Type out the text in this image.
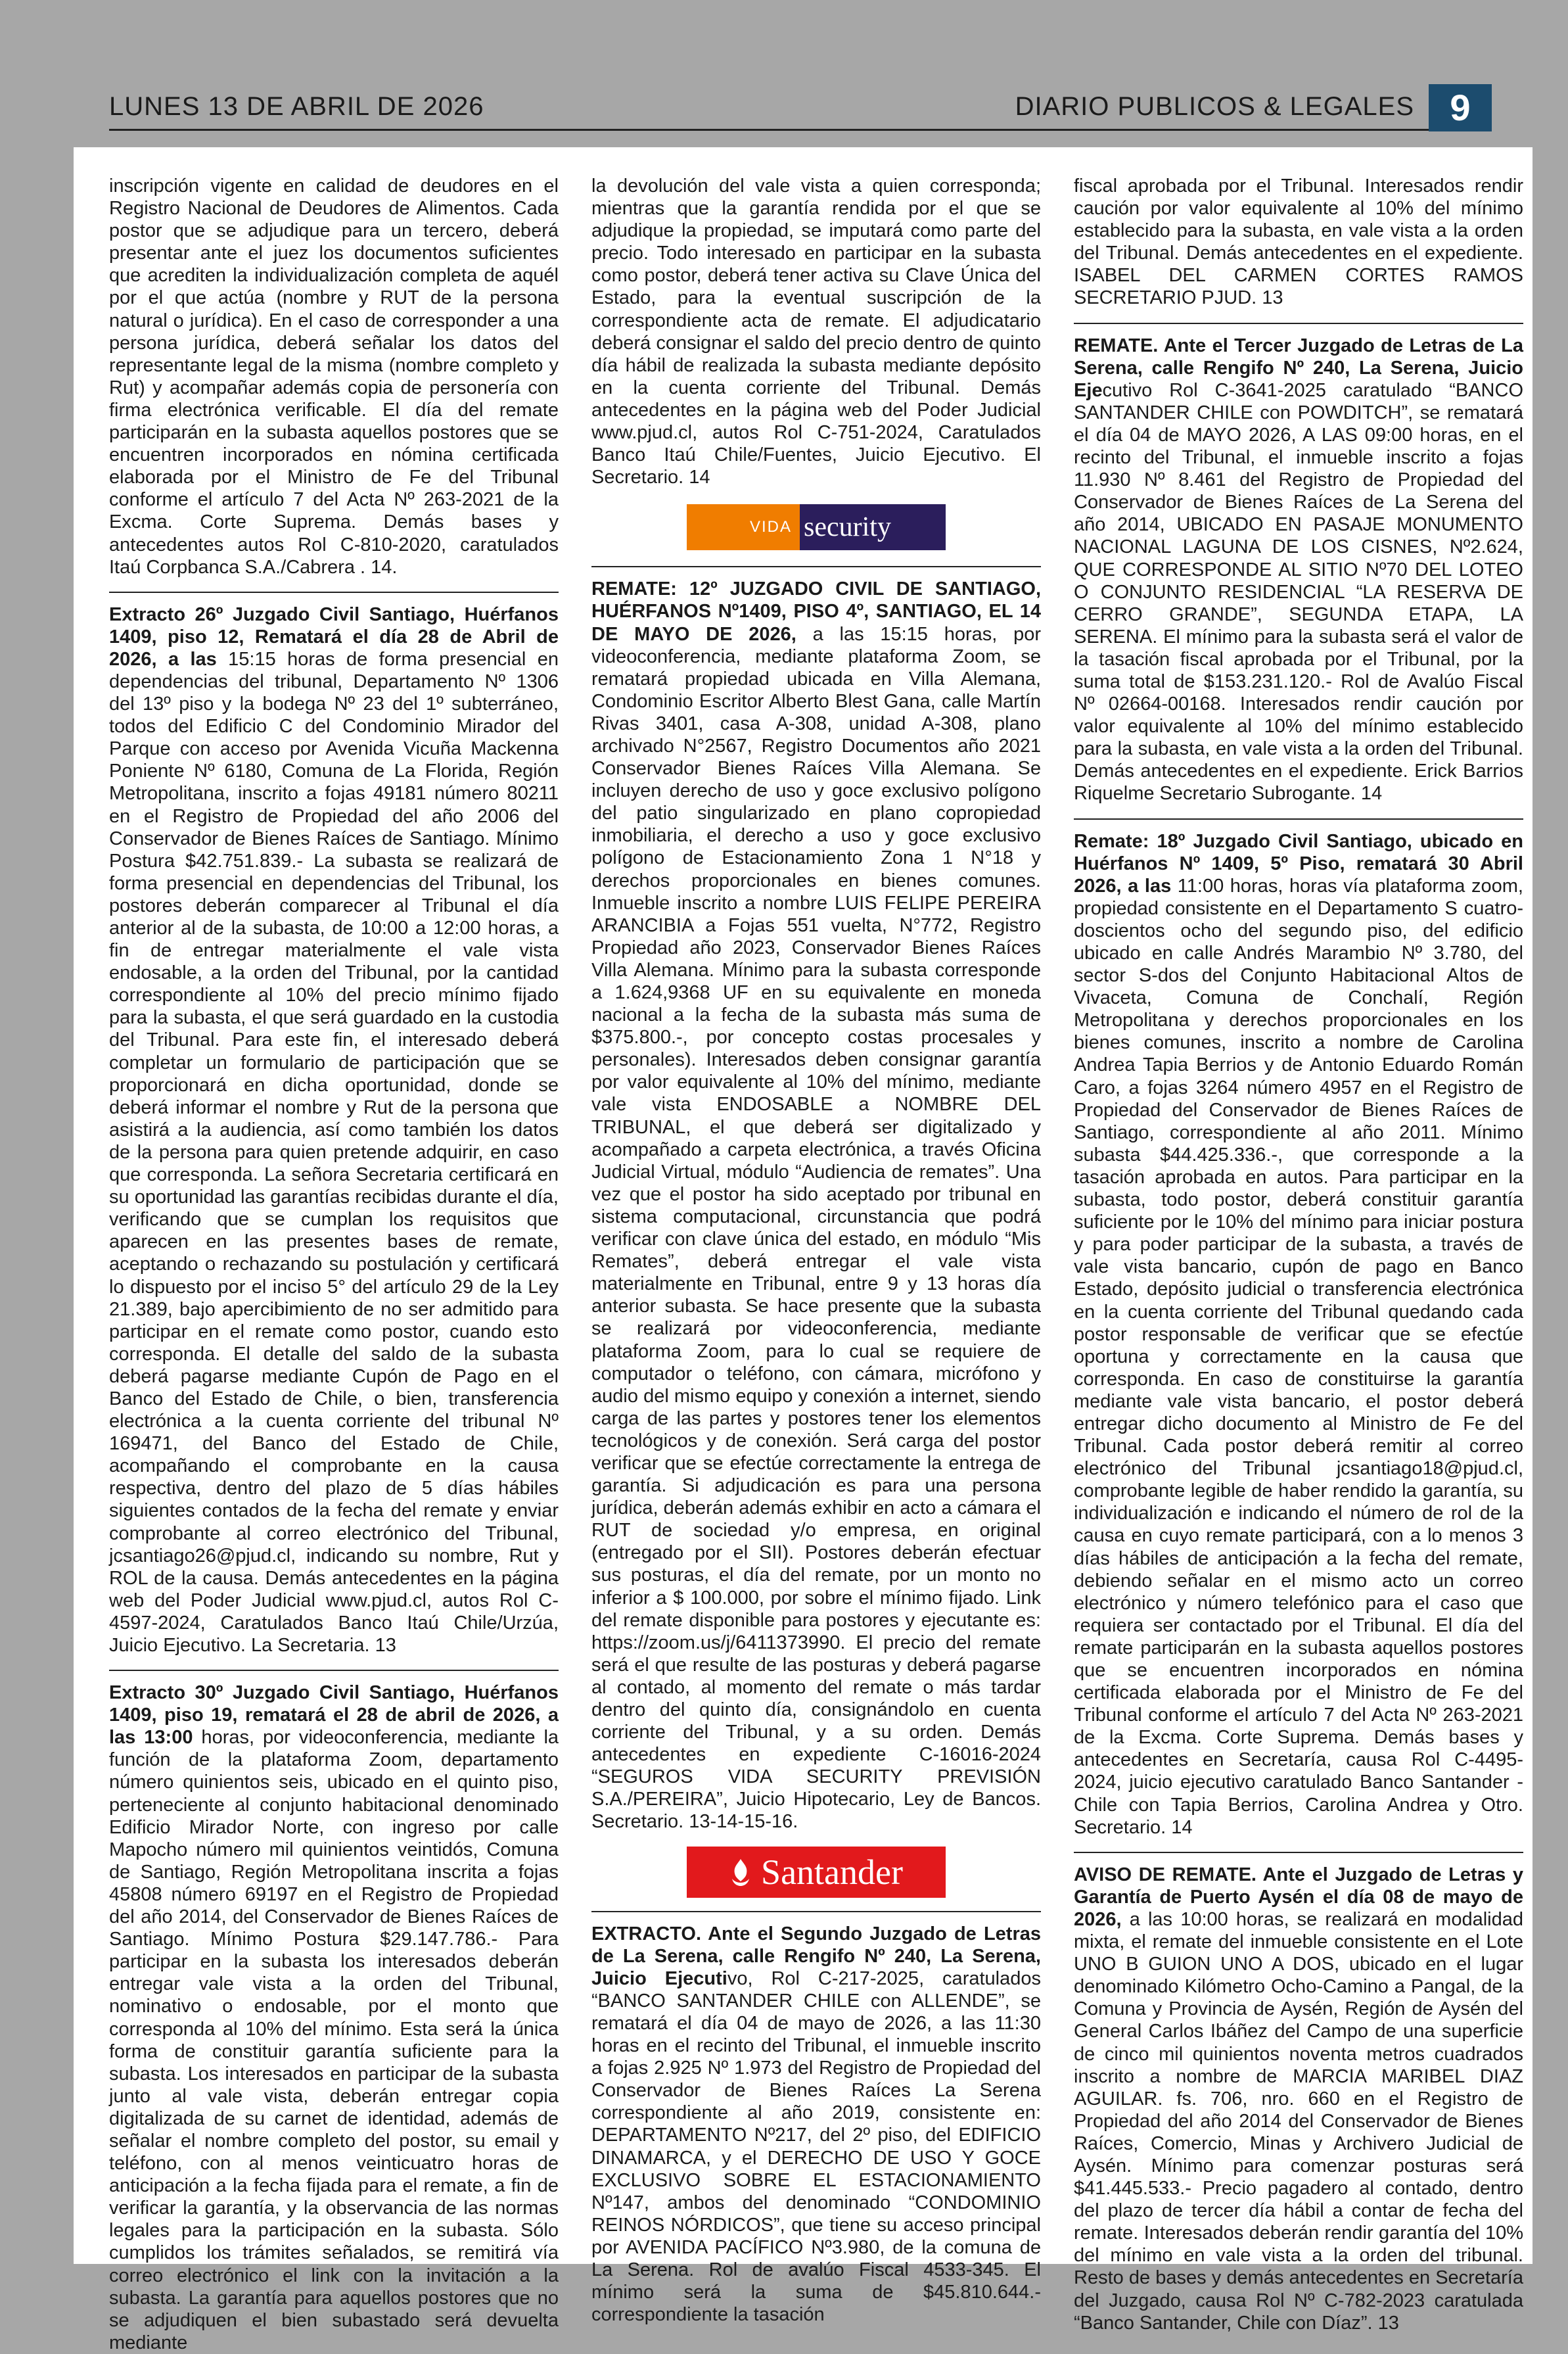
LUNES 13 DE ABRIL DE 2026	DIARIO PUBLICOS & LEGALES 9

inscripción vigente en calidad de deudores en el Registro Nacional de Deudores de Alimentos. Cada postor que se adjudique para un tercero, deberá presentar ante el juez los documentos suficientes que acrediten la individualización completa de aquél por el que actúa (nombre y RUT de la persona natural o jurídica). En el caso de corresponder a una persona jurídica, deberá señalar los datos del representante legal de la misma (nombre completo y Rut) y acompañar además copia de personería con firma electrónica verificable. El día del remate participarán en la subasta aquellos postores que se encuentren incorporados en nómina certificada elaborada por el Ministro de Fe del Tribunal conforme el artículo 7 del Acta Nº 263-2021 de la Excma. Corte Suprema. Demás bases y antecedentes autos Rol C-810-2020, caratulados Itaú Corpbanca S.A./Cabrera . 14.

Extracto 26º Juzgado Civil Santiago, Huérfanos 1409, piso 12, Rematará el día 28 de Abril de 2026, a las 15:15 horas de forma presencial en dependencias del tribunal, Departamento Nº 1306 del 13º piso y la bodega Nº 23 del 1º subterráneo, todos del Edificio C del Condominio Mirador del Parque con acceso por Avenida Vicuña Mackenna Poniente Nº 6180, Comuna de La Florida, Región Metropolitana, inscrito a fojas 49181 número 80211 en el Registro de Propiedad del año 2006 del Conservador de Bienes Raíces de Santiago. Mínimo Postura $42.751.839.- La subasta se realizará de forma presencial en dependencias del Tribunal, los postores deberán comparecer al Tribunal el día anterior al de la subasta, de 10:00 a 12:00 horas, a fin de entregar materialmente el vale vista endosable, a la orden del Tribunal, por la cantidad correspondiente al 10% del precio mínimo fijado para la subasta, el que será guardado en la custodia del Tribunal. Para este fin, el interesado deberá completar un formulario de participación que se proporcionará en dicha oportunidad, donde se deberá informar el nombre y Rut de la persona que asistirá a la audiencia, así como también los datos de la persona para quien pretende adquirir, en caso que corresponda. La señora Secretaria certificará en su oportunidad las garantías recibidas durante el día, verificando que se cumplan los requisitos que aparecen en las presentes bases de remate, aceptando o rechazando su postulación y certificará lo dispuesto por el inciso 5° del artículo 29 de la Ley 21.389, bajo apercibimiento de no ser admitido para participar en el remate como postor, cuando esto corresponda. El detalle del saldo de la subasta deberá pagarse mediante Cupón de Pago en el Banco del Estado de Chile, o bien, transferencia electrónica a la cuenta corriente del tribunal Nº 169471, del Banco del Estado de Chile, acompañando el comprobante en la causa respectiva, dentro del plazo de 5 días hábiles siguientes contados de la fecha del remate y enviar comprobante al correo electrónico del Tribunal, jcsantiago26@pjud.cl, indicando su nombre, Rut y ROL de la causa. Demás antecedentes en la página web del Poder Judicial www.pjud.cl, autos Rol C-4597-2024, Caratulados Banco Itaú Chile/Urzúa, Juicio Ejecutivo. La Secretaria. 13

Extracto 30º Juzgado Civil Santiago, Huérfanos 1409, piso 19, rematará el 28 de abril de 2026, a las 13:00 horas, por videoconferencia, mediante la función de la plataforma Zoom, departamento número quinientos seis, ubicado en el quinto piso, perteneciente al conjunto habitacional denominado Edificio Mirador Norte, con ingreso por calle Mapocho número mil quinientos veintidós, Comuna de Santiago, Región Metropolitana inscrita a fojas 45808 número 69197 en el Registro de Propiedad del año 2014, del Conservador de Bienes Raíces de Santiago. Mínimo Postura $29.147.786.- Para participar en la subasta los interesados deberán entregar vale vista a la orden del Tribunal, nominativo o endosable, por el monto que corresponda al 10% del mínimo. Esta será la única forma de constituir garantía suficiente para la subasta. Los interesados en participar de la subasta junto al vale vista, deberán entregar copia digitalizada de su carnet de identidad, además de señalar el nombre completo del postor, su email y teléfono, con al menos veinticuatro horas de anticipación a la fecha fijada para el remate, a fin de verificar la garantía, y la observancia de las normas legales para la participación en la subasta. Sólo cumplidos los trámites señalados, se remitirá vía correo electrónico el link con la invitación a la subasta. La garantía para aquellos postores que no se adjudiquen el bien subastado será devuelta mediante

la devolución del vale vista a quien corresponda; mientras que la garantía rendida por el que se adjudique la propiedad, se imputará como parte del precio. Todo interesado en participar en la subasta como postor, deberá tener activa su Clave Única del Estado, para la eventual suscripción de la correspondiente acta de remate. El adjudicatario deberá consignar el saldo del precio dentro de quinto día hábil de realizada la subasta mediante depósito en la cuenta corriente del Tribunal. Demás antecedentes en la página web del Poder Judicial www.pjud.cl, autos Rol C-751-2024, Caratulados Banco Itaú Chile/Fuentes, Juicio Ejecutivo. El Secretario. 14

VIDA security

REMATE: 12º JUZGADO CIVIL DE SANTIAGO, HUÉRFANOS Nº1409, PISO 4º, SANTIAGO, EL 14 DE MAYO DE 2026, a las 15:15 horas, por videoconferencia, mediante plataforma Zoom, se rematará propiedad ubicada en Villa Alemana, Condominio Escritor Alberto Blest Gana, calle Martín Rivas 3401, casa A-308, unidad A-308, plano archivado N°2567, Registro Documentos año 2021 Conservador Bienes Raíces Villa Alemana. Se incluyen derecho de uso y goce exclusivo polígono del patio singularizado en plano copropiedad inmobiliaria, el derecho a uso y goce exclusivo polígono de Estacionamiento Zona 1 N°18 y derechos proporcionales en bienes comunes. Inmueble inscrito a nombre LUIS FELIPE PEREIRA ARANCIBIA a Fojas 551 vuelta, N°772, Registro Propiedad año 2023, Conservador Bienes Raíces Villa Alemana. Mínimo para la subasta corresponde a 1.624,9368 UF en su equivalente en moneda nacional a la fecha de la subasta más suma de $375.800.-, por concepto costas procesales y personales). Interesados deben consignar garantía por valor equivalente al 10% del mínimo, mediante vale vista ENDOSABLE a NOMBRE DEL TRIBUNAL, el que deberá ser digitalizado y acompañado a carpeta electrónica, a través Oficina Judicial Virtual, módulo “Audiencia de remates”. Una vez que el postor ha sido aceptado por tribunal en sistema computacional, circunstancia que podrá verificar con clave única del estado, en módulo “Mis Remates”, deberá entregar el vale vista materialmente en Tribunal, entre 9 y 13 horas día anterior subasta. Se hace presente que la subasta se realizará por videoconferencia, mediante plataforma Zoom, para lo cual se requiere de computador o teléfono, con cámara, micrófono y audio del mismo equipo y conexión a internet, siendo carga de las partes y postores tener los elementos tecnológicos y de conexión. Será carga del postor verificar que se efectúe correctamente la entrega de garantía. Si adjudicación es para una persona jurídica, deberán además exhibir en acto a cámara el RUT de sociedad y/o empresa, en original (entregado por el SII). Postores deberán efectuar sus posturas, el día del remate, por un monto no inferior a $ 100.000, por sobre el mínimo fijado. Link del remate disponible para postores y ejecutante es: https://zoom.us/j/6411373990. El precio del remate será el que resulte de las posturas y deberá pagarse al contado, al momento del remate o más tardar dentro del quinto día, consignándolo en cuenta corriente del Tribunal, y a su orden. Demás antecedentes en expediente C-16016-2024 “SEGUROS VIDA SECURITY PREVISIÓN S.A./PEREIRA”, Juicio Hipotecario, Ley de Bancos. Secretario. 13-14-15-16.

Santander

EXTRACTO. Ante el Segundo Juzgado de Letras de La Serena, calle Rengifo Nº 240, La Serena, Juicio Ejecutivo, Rol C-217-2025, caratulados “BANCO SANTANDER CHILE con ALLENDE”, se rematará el día 04 de mayo de 2026, a las 11:30 horas en el recinto del Tribunal, el inmueble inscrito a fojas 2.925 Nº 1.973 del Registro de Propiedad del Conservador de Bienes Raíces La Serena correspondiente al año 2019, consistente en: DEPARTAMENTO Nº217, del 2º piso, del EDIFICIO DINAMARCA, y el DERECHO DE USO Y GOCE EXCLUSIVO SOBRE EL ESTACIONAMIENTO Nº147, ambos del denominado “CONDOMINIO REINOS NÓRDICOS”, que tiene su acceso principal por AVENIDA PACÍFICO Nº3.980, de la comuna de La Serena. Rol de avalúo Fiscal 4533-345. El mínimo será la suma de $45.810.644.- correspondiente la tasación

fiscal aprobada por el Tribunal. Interesados rendir caución por valor equivalente al 10% del mínimo establecido para la subasta, en vale vista a la orden del Tribunal. Demás antecedentes en el expediente. ISABEL DEL CARMEN CORTES RAMOS SECRETARIO PJUD. 13

REMATE. Ante el Tercer Juzgado de Letras de La Serena, calle Rengifo Nº 240, La Serena, Juicio Ejecutivo Rol C-3641-2025 caratulado “BANCO SANTANDER CHILE con POWDITCH”, se rematará el día 04 de MAYO 2026, A LAS 09:00 horas, en el recinto del Tribunal, el inmueble inscrito a fojas 11.930 Nº 8.461 del Registro de Propiedad del Conservador de Bienes Raíces de La Serena del año 2014, UBICADO EN PASAJE MONUMENTO NACIONAL LAGUNA DE LOS CISNES, Nº2.624, QUE CORRESPONDE AL SITIO Nº70 DEL LOTEO O CONJUNTO RESIDENCIAL “LA RESERVA DE CERRO GRANDE”, SEGUNDA ETAPA, LA SERENA. El mínimo para la subasta será el valor de la tasación fiscal aprobada por el Tribunal, por la suma total de $153.231.120.- Rol de Avalúo Fiscal Nº 02664-00168. Interesados rendir caución por valor equivalente al 10% del mínimo establecido para la subasta, en vale vista a la orden del Tribunal. Demás antecedentes en el expediente. Erick Barrios Riquelme Secretario Subrogante. 14

Remate: 18º Juzgado Civil Santiago, ubicado en Huérfanos Nº 1409, 5º Piso, rematará 30 Abril 2026, a las 11:00 horas, horas vía plataforma zoom, propiedad consistente en el Departamento S cuatro-doscientos ocho del segundo piso, del edificio ubicado en calle Andrés Marambio Nº 3.780, del sector S-dos del Conjunto Habitacional Altos de Vivaceta, Comuna de Conchalí, Región Metropolitana y derechos proporcionales en los bienes comunes, inscrito a nombre de Carolina Andrea Tapia Berrios y de Antonio Eduardo Román Caro, a fojas 3264 número 4957 en el Registro de Propiedad del Conservador de Bienes Raíces de Santiago, correspondiente al año 2011. Mínimo subasta $44.425.336.-, que corresponde a la tasación aprobada en autos. Para participar en la subasta, todo postor, deberá constituir garantía suficiente por le 10% del mínimo para iniciar postura y para poder participar de la subasta, a través de vale vista bancario, cupón de pago en Banco Estado, depósito judicial o transferencia electrónica en la cuenta corriente del Tribunal quedando cada postor responsable de verificar que se efectúe oportuna y correctamente en la causa que corresponda. En caso de constituirse la garantía mediante vale vista bancario, el postor deberá entregar dicho documento al Ministro de Fe del Tribunal. Cada postor deberá remitir al correo electrónico del Tribunal jcsantiago18@pjud.cl, comprobante legible de haber rendido la garantía, su individualización e indicando el número de rol de la causa en cuyo remate participará, con a lo menos 3 días hábiles de anticipación a la fecha del remate, debiendo señalar en el mismo acto un correo electrónico y número telefónico para el caso que requiera ser contactado por el Tribunal. El día del remate participarán en la subasta aquellos postores que se encuentren incorporados en nómina certificada elaborada por el Ministro de Fe del Tribunal conforme el artículo 7 del Acta Nº 263-2021 de la Excma. Corte Suprema. Demás bases y antecedentes en Secretaría, causa Rol C-4495-2024, juicio ejecutivo caratulado Banco Santander - Chile con Tapia Berrios, Carolina Andrea y Otro. Secretario. 14

AVISO DE REMATE. Ante el Juzgado de Letras y Garantía de Puerto Aysén el día 08 de mayo de 2026, a las 10:00 horas, se realizará en modalidad mixta, el remate del inmueble consistente en el Lote UNO B GUION UNO A DOS, ubicado en el lugar denominado Kilómetro Ocho-Camino a Pangal, de la Comuna y Provincia de Aysén, Región de Aysén del General Carlos Ibáñez del Campo de una superficie de cinco mil quinientos noventa metros cuadrados inscrito a nombre de MARCIA MARIBEL DIAZ AGUILAR. fs. 706, nro. 660 en el Registro de Propiedad del año 2014 del Conservador de Bienes Raíces, Comercio, Minas y Archivero Judicial de Aysén. Mínimo para comenzar posturas será $41.445.533.- Precio pagadero al contado, dentro del plazo de tercer día hábil a contar de fecha del remate. Interesados deberán rendir garantía del 10% del mínimo en vale vista a la orden del tribunal. Resto de bases y demás antecedentes en Secretaría del Juzgado, causa Rol Nº C-782-2023 caratulada “Banco Santander, Chile con Díaz”. 13
